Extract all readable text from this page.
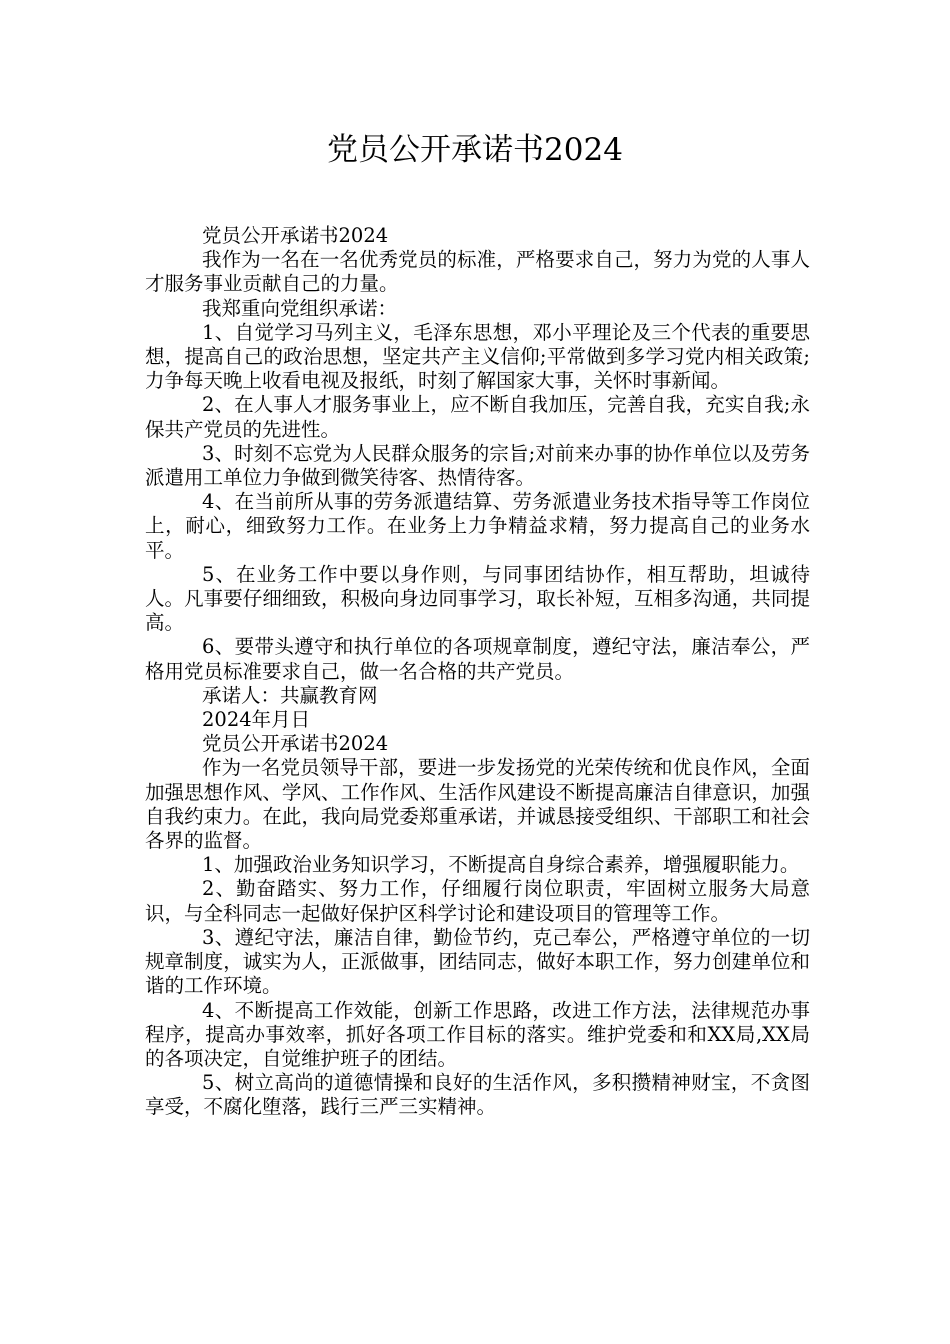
党员公开承诺书2024

党员公开承诺书2024

我作为一名在一名优秀党员的标准，严格要求自己，努力为党的人事人才服务事业贡献自己的力量。

我郑重向党组织承诺：

1、自觉学习马列主义，毛泽东思想，邓小平理论及三个代表的重要思想，提高自己的政治思想，坚定共产主义信仰;平常做到多学习党内相关政策;力争每天晚上收看电视及报纸，时刻了解国家大事，关怀时事新闻。

2、在人事人才服务事业上，应不断自我加压，完善自我，充实自我;永保共产党员的先进性。

3、时刻不忘党为人民群众服务的宗旨;对前来办事的协作单位以及劳务派遣用工单位力争做到微笑待客、热情待客。

4、在当前所从事的劳务派遣结算、劳务派遣业务技术指导等工作岗位上，耐心，细致努力工作。在业务上力争精益求精，努力提高自己的业务水平。

5、在业务工作中要以身作则，与同事团结协作，相互帮助，坦诚待人。凡事要仔细细致，积极向身边同事学习，取长补短，互相多沟通，共同提高。

6、要带头遵守和执行单位的各项规章制度，遵纪守法，廉洁奉公，严格用党员标准要求自己，做一名合格的共产党员。

承诺人：共赢教育网

2024年月日

党员公开承诺书2024

作为一名党员领导干部，要进一步发扬党的光荣传统和优良作风，全面加强思想作风、学风、工作作风、生活作风建设不断提高廉洁自律意识，加强自我约束力。在此，我向局党委郑重承诺，并诚恳接受组织、干部职工和社会各界的监督。

1、加强政治业务知识学习，不断提高自身综合素养，增强履职能力。

2、勤奋踏实、努力工作，仔细履行岗位职责，牢固树立服务大局意识，与全科同志一起做好保护区科学讨论和建设项目的管理等工作。

3、遵纪守法，廉洁自律，勤俭节约，克己奉公，严格遵守单位的一切规章制度，诚实为人，正派做事，团结同志，做好本职工作，努力创建单位和谐的工作环境。

4、不断提高工作效能，创新工作思路，改进工作方法，法律规范办事程序，提高办事效率，抓好各项工作目标的落实。维护党委和和XX局,XX局的各项决定，自觉维护班子的团结。

5、树立高尚的道德情操和良好的生活作风，多积攒精神财宝，不贪图享受，不腐化堕落，践行三严三实精神。
